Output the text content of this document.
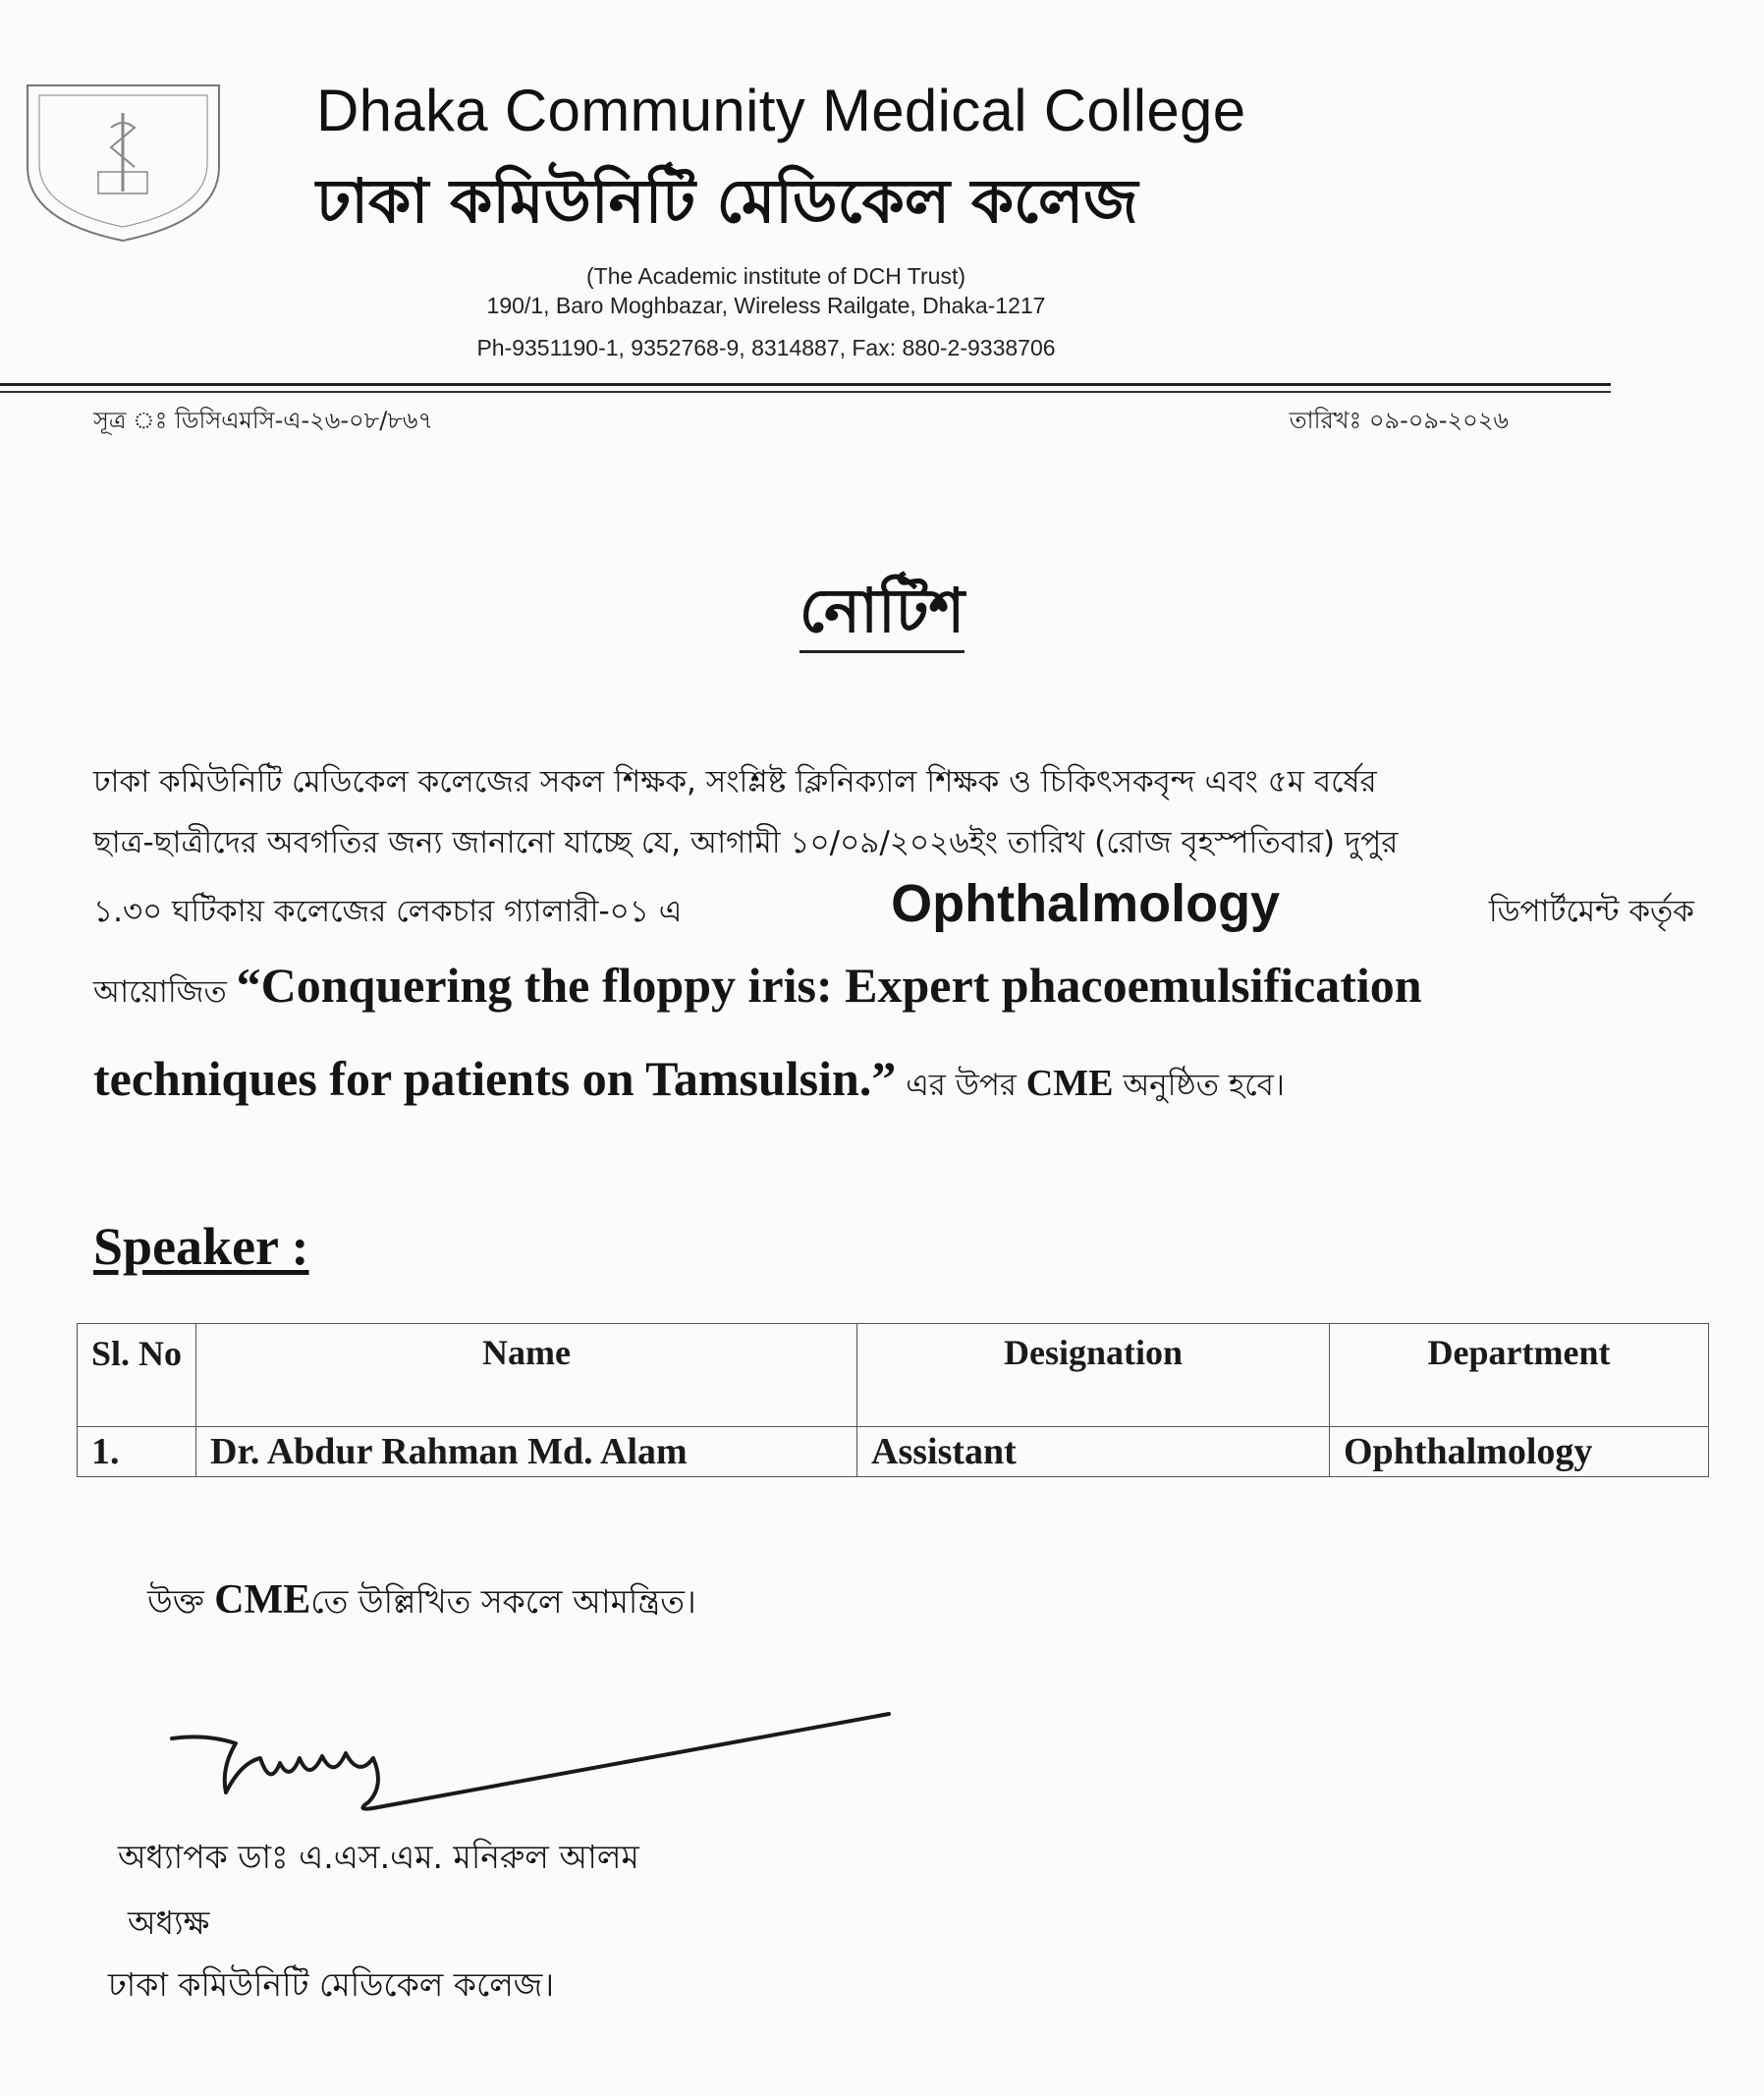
Dhaka Community Medical College
ঢাকা কমিউনিটি মেডিকেল কলেজ
(The Academic institute of DCH Trust)
190/1, Baro Moghbazar, Wireless Railgate, Dhaka-1217
Ph-9351190-1, 9352768-9, 8314887, Fax: 880-2-9338706
সূত্র ঃ ডিসিএমসি-এ-২৬-০৮/৮৬৭	তারিখঃ ০৯-০৯-২০২৬
নোটিশ
ঢাকা কমিউনিটি মেডিকেল কলেজের সকল শিক্ষক, সংশ্লিষ্ট ক্লিনিক্যাল শিক্ষক ও চিকিৎসকবৃন্দ এবং ৫ম বর্ষের
ছাত্র-ছাত্রীদের অবগতির জন্য জানানো যাচ্ছে যে, আগামী ১০/০৯/২০২৬ইং তারিখ (রোজ বৃহস্পতিবার) দুপুর
১.৩০ ঘটিকায় কলেজের লেকচার গ্যালারী-০১ এ	Ophthalmology	ডিপার্টমেন্ট কর্তৃক
আয়োজিত “Conquering the floppy iris: Expert phacoemulsification
techniques for patients on Tamsulsin.” এর উপর CME অনুষ্ঠিত হবে।
Speaker :
Sl. No	Name	Designation	Department
1.	Dr. Abdur Rahman Md. Alam	Assistant	Ophthalmology
উক্ত CMEতে উল্লিখিত সকলে আমন্ত্রিত।
অধ্যাপক ডাঃ এ.এস.এম. মনিরুল আলম
অধ্যক্ষ
ঢাকা কমিউনিটি মেডিকেল কলেজ।
